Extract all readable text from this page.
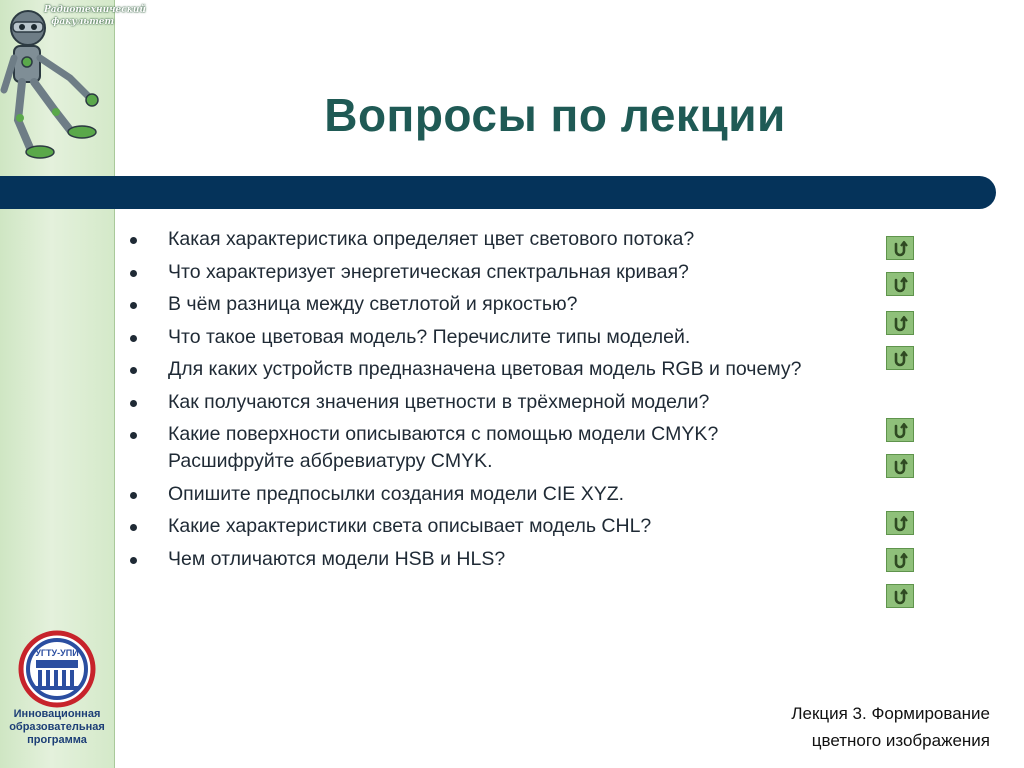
Радиотехнический факультет
УГТУ-УПИ
Инновационная
образовательная
программа
Вопросы по лекции
Какая характеристика определяет цвет светового потока?
Что характеризует энергетическая спектральная кривая?
В чём разница между светлотой и яркостью?
Что такое цветовая модель? Перечислите типы моделей.
Для каких устройств предназначена цветовая модель RGB и почему?
Как получаются значения цветности в трёхмерной модели?
Какие поверхности описываются с помощью модели CMYK? Расшифруйте аббревиатуру CMYK.
Опишите предпосылки создания модели CIE XYZ.
Какие характеристики света описывает модель CHL?
Чем отличаются модели HSB и HLS?
Лекция 3. Формирование
цветного изображения
